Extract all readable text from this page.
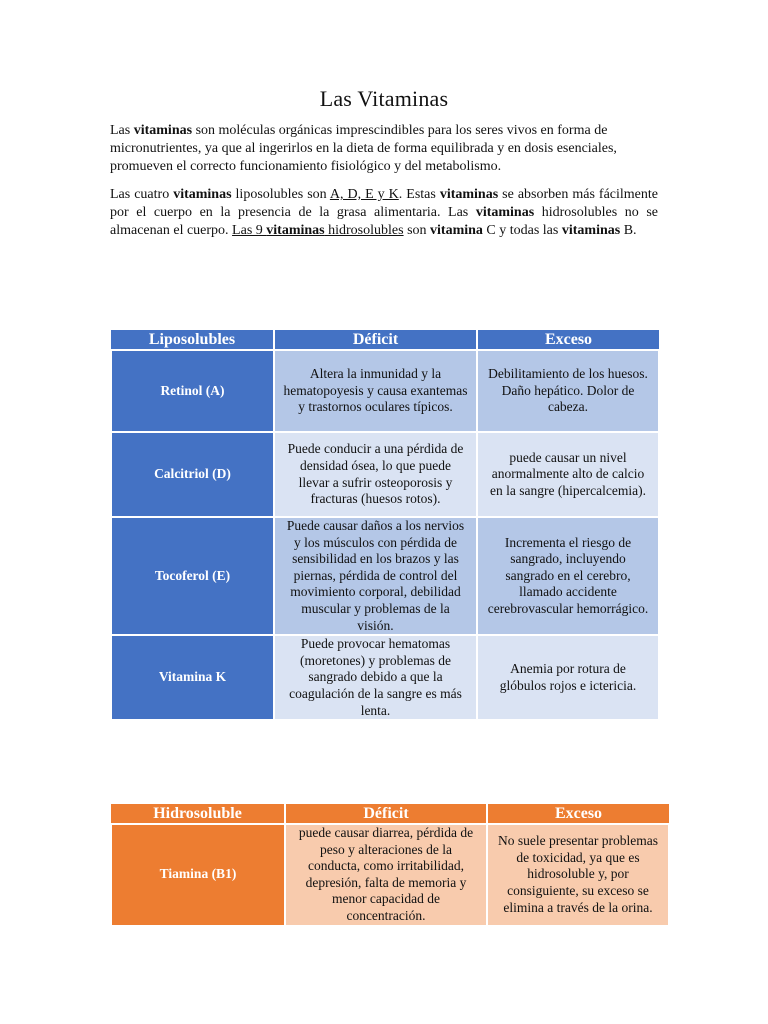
Las Vitaminas

Las vitaminas son moléculas orgánicas imprescindibles para los seres vivos en forma de micronutrientes, ya que al ingerirlos en la dieta de forma equilibrada y en dosis esenciales, promueven el correcto funcionamiento fisiológico y del metabolismo.

Las cuatro vitaminas liposolubles son A, D, E y K. Estas vitaminas se absorben más fácilmente por el cuerpo en la presencia de la grasa alimentaria. Las vitaminas hidrosolubles no se almacenan el cuerpo. Las 9 vitaminas hidrosolubles son vitamina C y todas las vitaminas B.

Liposolubles	Déficit	Exceso
Retinol (A)	Altera la inmunidad y la hematopoyesis y causa exantemas y trastornos oculares típicos.	Debilitamiento de los huesos. Daño hepático. Dolor de cabeza.
Calcitriol (D)	Puede conducir a una pérdida de densidad ósea, lo que puede llevar a sufrir osteoporosis y fracturas (huesos rotos).	puede causar un nivel anormalmente alto de calcio en la sangre (hipercalcemia).
Tocoferol (E)	Puede causar daños a los nervios y los músculos con pérdida de sensibilidad en los brazos y las piernas, pérdida de control del movimiento corporal, debilidad muscular y problemas de la visión.	Incrementa el riesgo de sangrado, incluyendo sangrado en el cerebro, llamado accidente cerebrovascular hemorrágico.
Vitamina K	Puede provocar hematomas (moretones) y problemas de sangrado debido a que la coagulación de la sangre es más lenta.	Anemia por rotura de glóbulos rojos e ictericia.
Hidrosoluble	Déficit	Exceso
Tiamina (B1)	puede causar diarrea, pérdida de peso y alteraciones de la conducta, como irritabilidad, depresión, falta de memoria y menor capacidad de concentración.	No suele presentar problemas de toxicidad, ya que es hidrosoluble y, por consiguiente, su exceso se elimina a través de la orina.
